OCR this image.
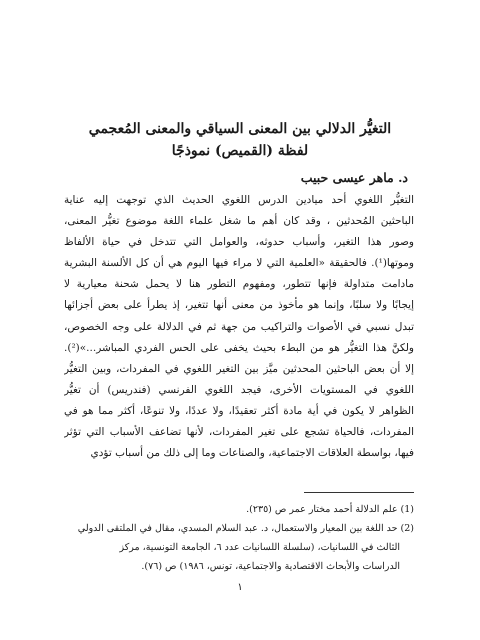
التغيُّر الدلالي بين المعنى السياقي والمعنى المُعجمي
لفظة (القميص) نموذجًا
د. ماهر عيسى حبيب
التغيُّر اللغوي أحد ميادين الدرس اللغوي الحديث الذي توجهت إليه عناية
الباحثين المُحدثين ، وقد كان أهم ما شغل علماء اللغة موضوع تغيُّر المعنى،
وصور هذا التغير، وأسباب حدوثه، والعوامل التي تتدخل في حياة الألفاظ
وموتها(¹). فالحقيقة «العلمية التي لا مراء فيها اليوم هي أن كل الألسنة البشرية
مادامت متداولة فإنها تتطور، ومفهوم التطور هنا لا يحمل شحنة معيارية لا
إيجابًا ولا سلبًا، وإنما هو مأخوذ من معنى أنها تتغير، إذ يطرأ على بعض أجزائها
تبدل نسبي في الأصوات والتراكيب من جهة ثم في الدلالة على وجه الخصوص،
ولكنَّ هذا التغيُّر هو من البطء بحيث يخفى على الحس الفردي المباشر...»(²).
إلا أن بعض الباحثين المحدثين ميَّز بين التغير اللغوي في المفردات، وبين التغيُّر
اللغوي في المستويات الأخرى، فيجد اللغوي الفرنسي (فندريس) أن تغيُّر
الظواهر لا يكون في أية مادة أكثر تعقيدًا، ولا عددًا، ولا تنوعًا، أكثر مما هو في
المفردات، فالحياة تشجع على تغير المفردات، لأنها تضاعف الأسباب التي تؤثر
فيها، بواسطة العلاقات الاجتماعية، والصناعات وما إلى ذلك من أسباب تؤدي
(1) علم الدلالة أحمد مختار عمر ص (٢٣٥).
(2) حد اللغة بين المعيار والاستعمال، د. عبد السلام المسدي، مقال في الملتقى الدولي
الثالث في اللسانيات، (سلسلة اللسانيات عدد ٦، الجامعة التونسية، مركز
الدراسات والأبحاث الاقتصادية والاجتماعية، تونس، ١٩٨٦) ص (٧٦).
١
